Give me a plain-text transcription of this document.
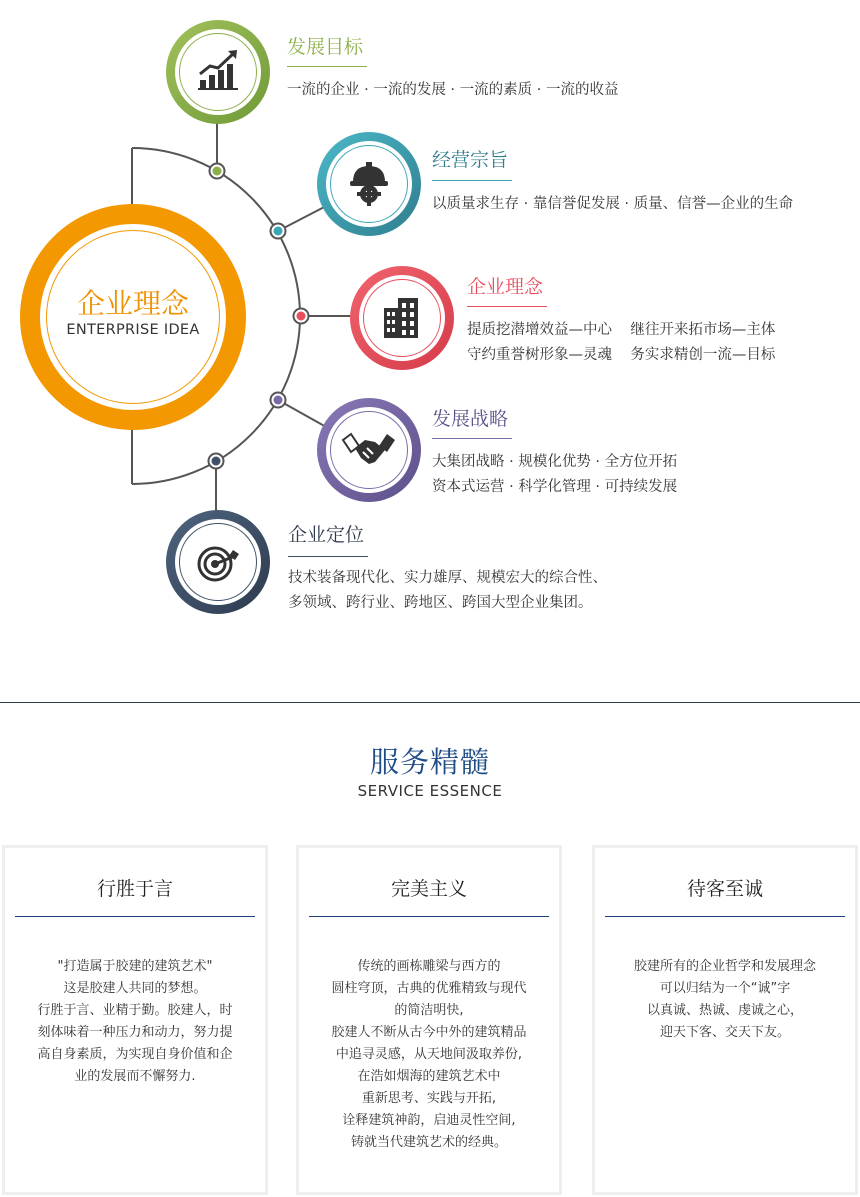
企业理念
ENTERPRISE IDEA
发展目标
一流的企业 · 一流的发展 · 一流的素质 · 一流的收益
经营宗旨
以质量求生存 · 靠信誉促发展 · 质量、信誉—企业的生命
企业理念
提质挖潜增效益—中心    继往开来拓市场—主体
守约重誉树形象—灵魂    务实求精创一流—目标
发展战略
大集团战略 · 规模化优势 · 全方位开拓
资本式运营 · 科学化管理 · 可持续发展
企业定位
技术装备现代化、实力雄厚、规模宏大的综合性、
多领域、跨行业、跨地区、跨国大型企业集团。
服务精髓
SERVICE ESSENCE
行胜于言
"打造属于胶建的建筑艺术"
这是胶建人共同的梦想。
行胜于言、业精于勤。胶建人，时
刻体味着一种压力和动力，努力提
高自身素质，为实现自身价值和企
业的发展而不懈努力.
完美主义
传统的画栋雕梁与西方的
圆柱穹顶，古典的优雅精致与现代
的简洁明快,
胶建人不断从古今中外的建筑精品
中追寻灵感，从天地间汲取养份,
在浩如烟海的建筑艺术中
重新思考、实践与开拓,
诠释建筑神韵，启迪灵性空间,
铸就当代建筑艺术的经典。
待客至诚
胶建所有的企业哲学和发展理念
可以归结为一个“诚”字
以真诚、热诚、虔诚之心，
迎天下客、交天下友。
